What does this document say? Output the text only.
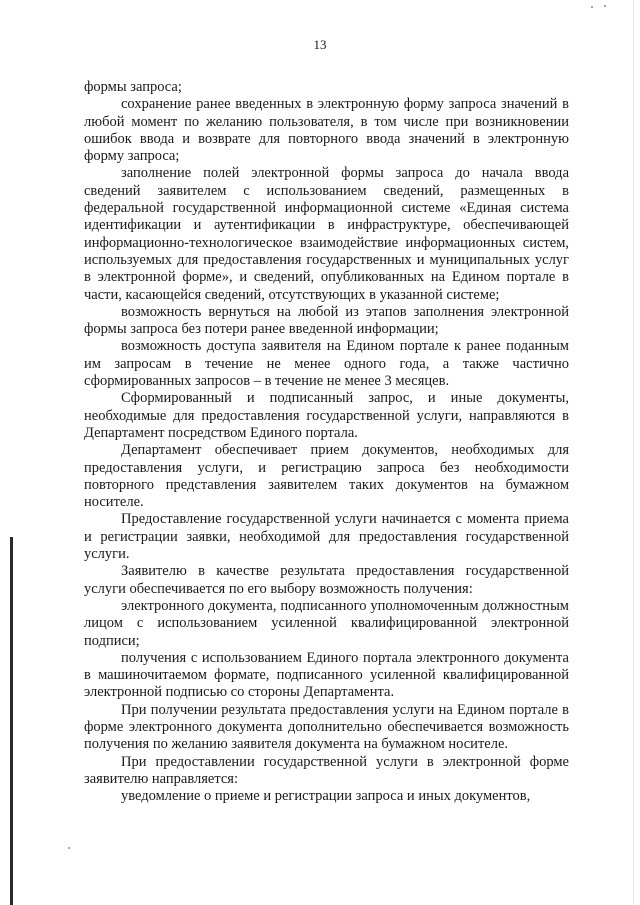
13

формы запроса;

сохранение ранее введенных в электронную форму запроса значений в любой момент по желанию пользователя, в том числе при возникновении ошибок ввода и возврате для повторного ввода значений в электронную форму запроса;

заполнение полей электронной формы запроса до начала ввода сведений заявителем с использованием сведений, размещенных в федеральной государственной информационной системе «Единая система идентификации и аутентификации в инфраструктуре, обеспечивающей информационно-технологическое взаимодействие информационных систем, используемых для предоставления государственных и муниципальных услуг в электронной форме», и сведений, опубликованных на Едином портале в части, касающейся сведений, отсутствующих в указанной системе;

возможность вернуться на любой из этапов заполнения электронной формы запроса без потери ранее введенной информации;

возможность доступа заявителя на Едином портале к ранее поданным им запросам в течение не менее одного года, а также частично сформированных запросов – в течение не менее 3 месяцев.

Сформированный и подписанный запрос, и иные документы, необходимые для предоставления государственной услуги, направляются в Департамент посредством Единого портала.

Департамент обеспечивает прием документов, необходимых для предоставления услуги, и регистрацию запроса без необходимости повторного представления заявителем таких документов на бумажном носителе.

Предоставление государственной услуги начинается с момента приема и регистрации заявки, необходимой для предоставления государственной услуги.

Заявителю в качестве результата предоставления государственной услуги обеспечивается по его выбору возможность получения:

электронного документа, подписанного уполномоченным должностным лицом с использованием усиленной квалифицированной электронной подписи;

получения с использованием Единого портала электронного документа в машиночитаемом формате, подписанного усиленной квалифицированной электронной подписью со стороны Департамента.

При получении результата предоставления услуги на Едином портале в форме электронного документа дополнительно обеспечивается возможность получения по желанию заявителя документа на бумажном носителе.

При предоставлении государственной услуги в электронной форме заявителю направляется:

уведомление о приеме и регистрации запроса и иных документов,
